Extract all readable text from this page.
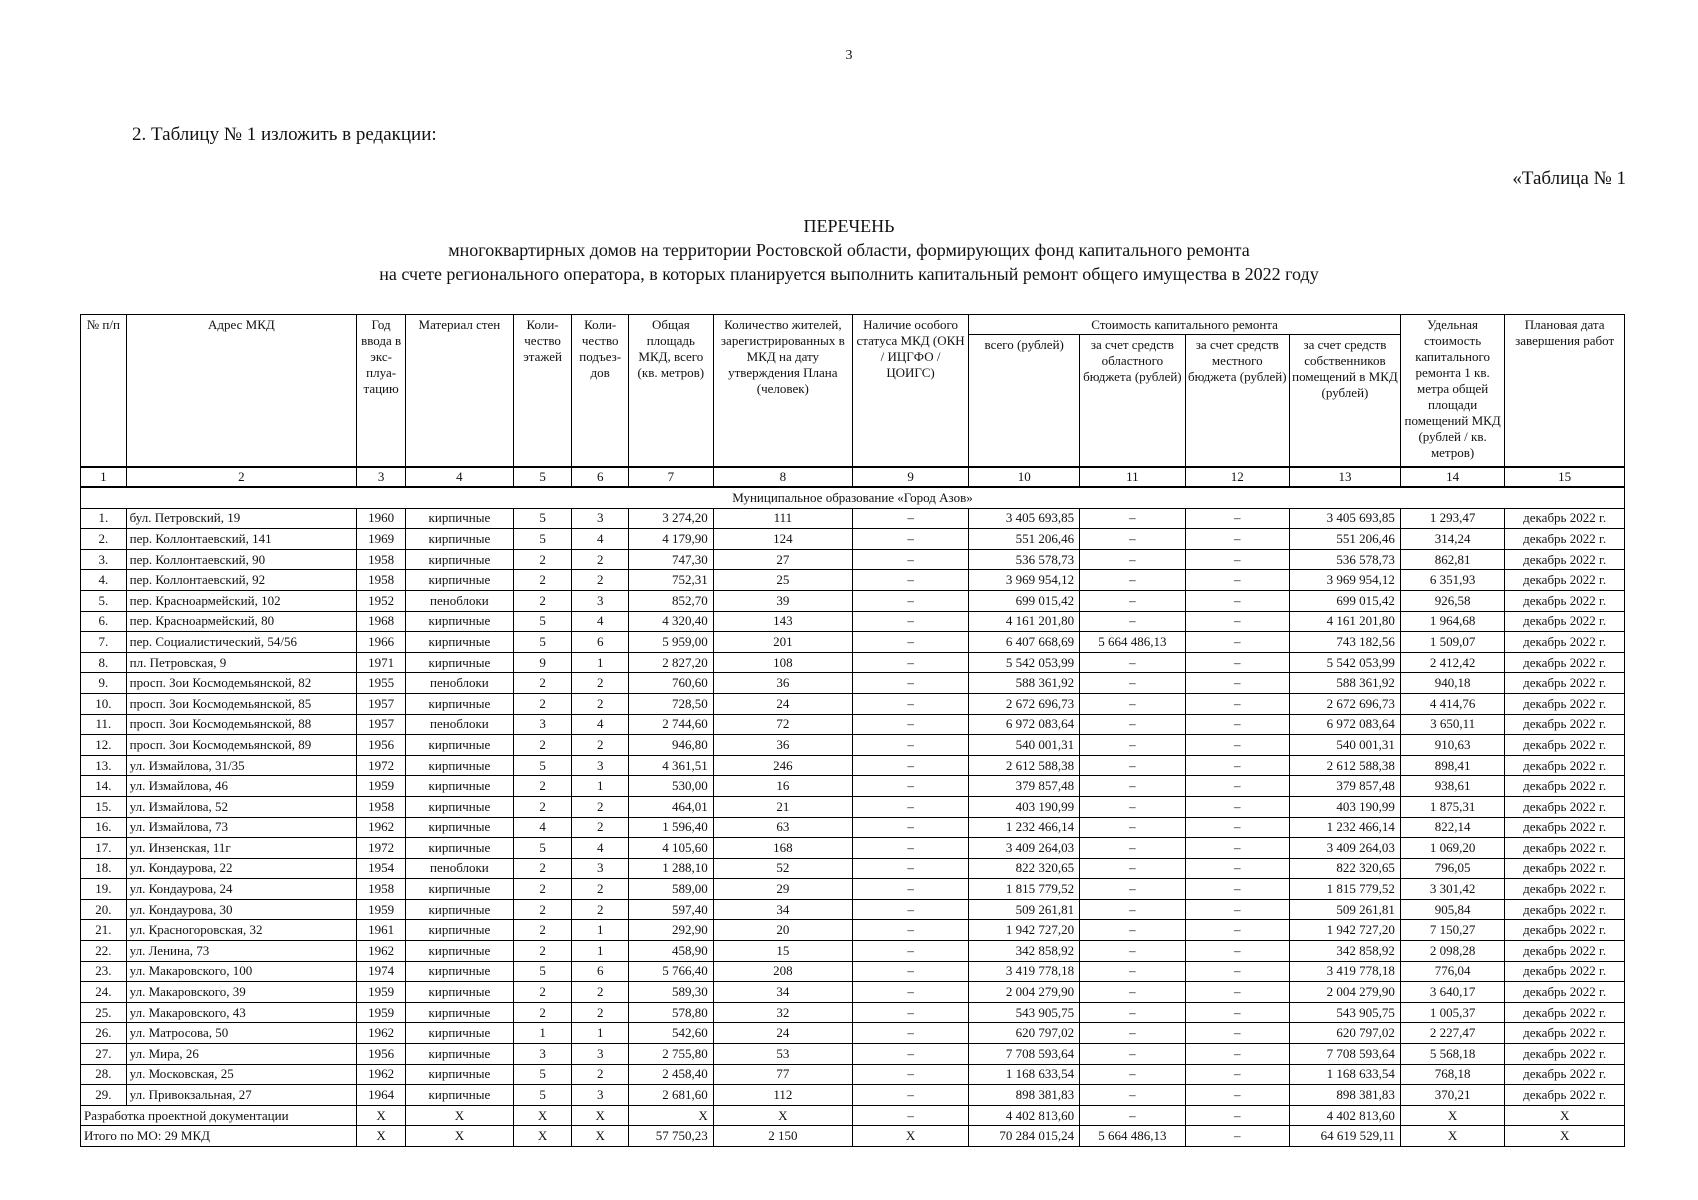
3
2. Таблицу № 1 изложить в редакции:
«Таблица № 1
ПЕРЕЧЕНЬ
многоквартирных домов на территории Ростовской области, формирующих фонд капитального ремонта
на счете регионального оператора, в которых планируется выполнить капитальный ремонт общего имущества в 2022 году
№ п/п	Адрес МКД	Год ввода в экс- плуа- тацию	Материал стен	Коли- чество этажей	Коли- чество подъез- дов	Общая площадь МКД, всего (кв. метров)	Количество жителей, зарегистрированных в МКД на дату утверждения Плана (человек)	Наличие особого статуса МКД (ОКН / ИЦГФО / ЦОИГС)	Стоимость капитального ремонта				Удельная стоимость капитального ремонта 1 кв. метра общей площади помещений МКД (рублей / кв. метров)	Плановая дата завершения работ
									всего (рублей)	за счет средств областного бюджета (рублей)	за счет средств местного бюджета (рублей)	за счет средств собственников помещений в МКД (рублей)		
1	2	3	4	5	6	7	8	9	10	11	12	13	14	15
Муниципальное образование «Город Азов»														
1.	бул. Петровский, 19	1960	кирпичные	5	3	3 274,20	111	–	3 405 693,85	–	–	3 405 693,85	1 293,47	декабрь 2022 г.
2.	пер. Коллонтаевский, 141	1969	кирпичные	5	4	4 179,90	124	–	551 206,46	–	–	551 206,46	314,24	декабрь 2022 г.
3.	пер. Коллонтаевский, 90	1958	кирпичные	2	2	747,30	27	–	536 578,73	–	–	536 578,73	862,81	декабрь 2022 г.
4.	пер. Коллонтаевский, 92	1958	кирпичные	2	2	752,31	25	–	3 969 954,12	–	–	3 969 954,12	6 351,93	декабрь 2022 г.
5.	пер. Красноармейский, 102	1952	пеноблоки	2	3	852,70	39	–	699 015,42	–	–	699 015,42	926,58	декабрь 2022 г.
6.	пер. Красноармейский, 80	1968	кирпичные	5	4	4 320,40	143	–	4 161 201,80	–	–	4 161 201,80	1 964,68	декабрь 2022 г.
7.	пер. Социалистический, 54/56	1966	кирпичные	5	6	5 959,00	201	–	6 407 668,69	5 664 486,13	–	743 182,56	1 509,07	декабрь 2022 г.
8.	пл. Петровская, 9	1971	кирпичные	9	1	2 827,20	108	–	5 542 053,99	–	–	5 542 053,99	2 412,42	декабрь 2022 г.
9.	просп. Зои Космодемьянской, 82	1955	пеноблоки	2	2	760,60	36	–	588 361,92	–	–	588 361,92	940,18	декабрь 2022 г.
10.	просп. Зои Космодемьянской, 85	1957	кирпичные	2	2	728,50	24	–	2 672 696,73	–	–	2 672 696,73	4 414,76	декабрь 2022 г.
11.	просп. Зои Космодемьянской, 88	1957	пеноблоки	3	4	2 744,60	72	–	6 972 083,64	–	–	6 972 083,64	3 650,11	декабрь 2022 г.
12.	просп. Зои Космодемьянской, 89	1956	кирпичные	2	2	946,80	36	–	540 001,31	–	–	540 001,31	910,63	декабрь 2022 г.
13.	ул. Измайлова, 31/35	1972	кирпичные	5	3	4 361,51	246	–	2 612 588,38	–	–	2 612 588,38	898,41	декабрь 2022 г.
14.	ул. Измайлова, 46	1959	кирпичные	2	1	530,00	16	–	379 857,48	–	–	379 857,48	938,61	декабрь 2022 г.
15.	ул. Измайлова, 52	1958	кирпичные	2	2	464,01	21	–	403 190,99	–	–	403 190,99	1 875,31	декабрь 2022 г.
16.	ул. Измайлова, 73	1962	кирпичные	4	2	1 596,40	63	–	1 232 466,14	–	–	1 232 466,14	822,14	декабрь 2022 г.
17.	ул. Инзенская, 11г	1972	кирпичные	5	4	4 105,60	168	–	3 409 264,03	–	–	3 409 264,03	1 069,20	декабрь 2022 г.
18.	ул. Кондаурова, 22	1954	пеноблоки	2	3	1 288,10	52	–	822 320,65	–	–	822 320,65	796,05	декабрь 2022 г.
19.	ул. Кондаурова, 24	1958	кирпичные	2	2	589,00	29	–	1 815 779,52	–	–	1 815 779,52	3 301,42	декабрь 2022 г.
20.	ул. Кондаурова, 30	1959	кирпичные	2	2	597,40	34	–	509 261,81	–	–	509 261,81	905,84	декабрь 2022 г.
21.	ул. Красногоровская, 32	1961	кирпичные	2	1	292,90	20	–	1 942 727,20	–	–	1 942 727,20	7 150,27	декабрь 2022 г.
22.	ул. Ленина, 73	1962	кирпичные	2	1	458,90	15	–	342 858,92	–	–	342 858,92	2 098,28	декабрь 2022 г.
23.	ул. Макаровского, 100	1974	кирпичные	5	6	5 766,40	208	–	3 419 778,18	–	–	3 419 778,18	776,04	декабрь 2022 г.
24.	ул. Макаровского, 39	1959	кирпичные	2	2	589,30	34	–	2 004 279,90	–	–	2 004 279,90	3 640,17	декабрь 2022 г.
25.	ул. Макаровского, 43	1959	кирпичные	2	2	578,80	32	–	543 905,75	–	–	543 905,75	1 005,37	декабрь 2022 г.
26.	ул. Матросова, 50	1962	кирпичные	1	1	542,60	24	–	620 797,02	–	–	620 797,02	2 227,47	декабрь 2022 г.
27.	ул. Мира, 26	1956	кирпичные	3	3	2 755,80	53	–	7 708 593,64	–	–	7 708 593,64	5 568,18	декабрь 2022 г.
28.	ул. Московская, 25	1962	кирпичные	5	2	2 458,40	77	–	1 168 633,54	–	–	1 168 633,54	768,18	декабрь 2022 г.
29.	ул. Привокзальная, 27	1964	кирпичные	5	3	2 681,60	112	–	898 381,83	–	–	898 381,83	370,21	декабрь 2022 г.
Разработка проектной документации		X	X	X	X	X	X	–	4 402 813,60	–	–	4 402 813,60	X	X
Итого по МО: 29 МКД		X	X	X	X	57 750,23	2 150	X	70 284 015,24	5 664 486,13	–	64 619 529,11	X	X
